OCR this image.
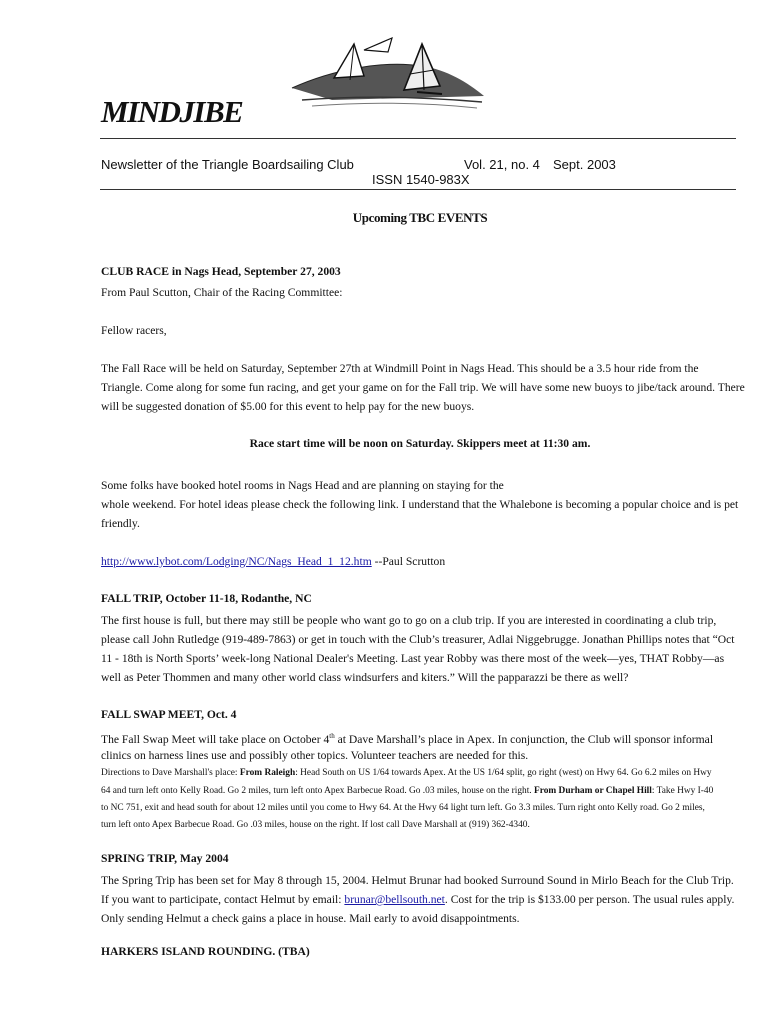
MINDJIBE
Newsletter of the Triangle Boardsailing Club	Vol. 21, no. 4 Sept. 2003
ISSN 1540-983X
Upcoming TBC EVENTS
CLUB RACE in Nags Head, September 27, 2003
From Paul Scutton, Chair of the Racing Committee:
Fellow racers,
The Fall Race will be held on Saturday, September 27th at Windmill Point in Nags Head. This should be a 3.5 hour ride from the
Triangle. Come along for some fun racing, and get your game on for the Fall trip. We will have some new buoys to jibe/tack around. There
will be suggested donation of $5.00 for this event to help pay for the new buoys.
Race start time will be noon on Saturday. Skippers meet at 11:30 am.
Some folks have booked hotel rooms in Nags Head and are planning on staying for the
whole weekend. For hotel ideas please check the following link. I understand that the Whalebone is becoming a popular choice and is pet
friendly.
http://www.lybot.com/Lodging/NC/Nags_Head_1_12.htm --Paul Scrutton
FALL TRIP, October 11-18, Rodanthe, NC
The first house is full, but there may still be people who want go to go on a club trip. If you are interested in coordinating a club trip,
please call John Rutledge (919-489-7863) or get in touch with the Club’s treasurer, Adlai Niggebrugge. Jonathan Phillips notes that “Oct
11 - 18th is North Sports’ week-long National Dealer's Meeting. Last year Robby was there most of the week—yes, THAT Robby—as
well as Peter Thommen and many other world class windsurfers and kiters.” Will the papparazzi be there as well?
FALL SWAP MEET, Oct. 4
The Fall Swap Meet will take place on October 4th at Dave Marshall’s place in Apex. In conjunction, the Club will sponsor informal
clinics on harness lines use and possibly other topics. Volunteer teachers are needed for this.
Directions to Dave Marshall's place: From Raleigh: Head South on US 1/64 towards Apex. At the US 1/64 split, go right (west) on Hwy 64. Go 6.2 miles on Hwy
64 and turn left onto Kelly Road. Go 2 miles, turn left onto Apex Barbecue Road. Go .03 miles, house on the right. From Durham or Chapel Hill: Take Hwy I-40
to NC 751, exit and head south for about 12 miles until you come to Hwy 64. At the Hwy 64 light turn left. Go 3.3 miles. Turn right onto Kelly road. Go 2 miles,
turn left onto Apex Barbecue Road. Go .03 miles, house on the right. If lost call Dave Marshall at (919) 362-4340.
SPRING TRIP, May 2004
The Spring Trip has been set for May 8 through 15, 2004. Helmut Brunar had booked Surround Sound in Mirlo Beach for the Club Trip.
If you want to participate, contact Helmut by email: brunar@bellsouth.net. Cost for the trip is $133.00 per person. The usual rules apply.
Only sending Helmut a check gains a place in house. Mail early to avoid disappointments.
HARKERS ISLAND ROUNDING. (TBA)
